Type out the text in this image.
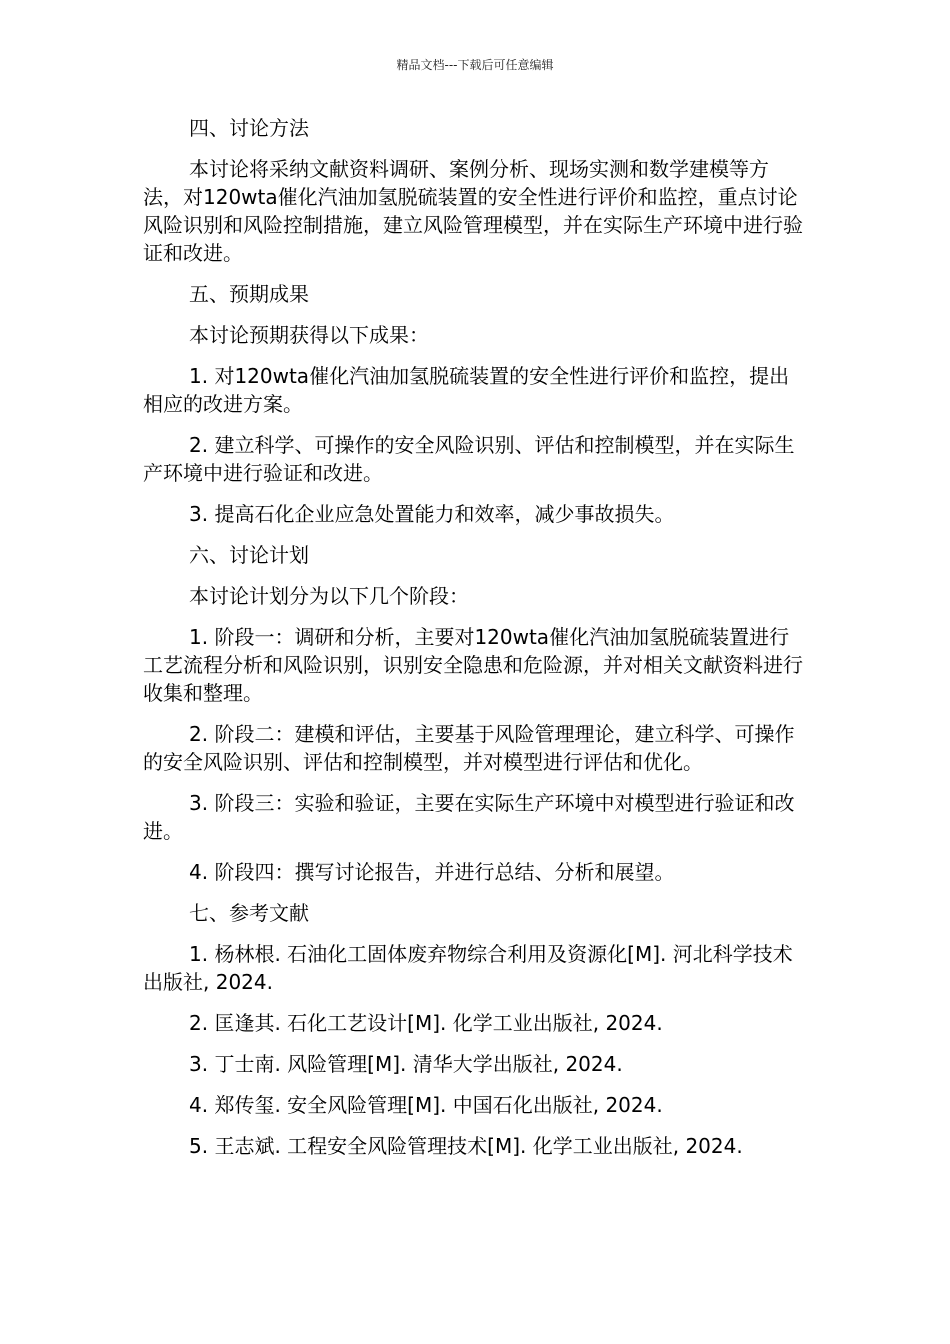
精品文档---下载后可任意编辑

四、讨论方法

本讨论将采纳文献资料调研、案例分析、现场实测和数学建模等方法，对120wta催化汽油加氢脱硫装置的安全性进行评价和监控，重点讨论风险识别和风险控制措施，建立风险管理模型，并在实际生产环境中进行验证和改进。

五、预期成果

本讨论预期获得以下成果：

1. 对120wta催化汽油加氢脱硫装置的安全性进行评价和监控，提出相应的改进方案。

2. 建立科学、可操作的安全风险识别、评估和控制模型，并在实际生产环境中进行验证和改进。

3. 提高石化企业应急处置能力和效率，减少事故损失。

六、讨论计划

本讨论计划分为以下几个阶段：

1. 阶段一：调研和分析，主要对120wta催化汽油加氢脱硫装置进行工艺流程分析和风险识别，识别安全隐患和危险源，并对相关文献资料进行收集和整理。

2. 阶段二：建模和评估，主要基于风险管理理论，建立科学、可操作的安全风险识别、评估和控制模型，并对模型进行评估和优化。

3. 阶段三：实验和验证，主要在实际生产环境中对模型进行验证和改进。

4. 阶段四：撰写讨论报告，并进行总结、分析和展望。

七、参考文献

1. 杨林根. 石油化工固体废弃物综合利用及资源化[M]. 河北科学技术出版社, 2024.

2. 匡逢其. 石化工艺设计[M]. 化学工业出版社, 2024.

3. 丁士南. 风险管理[M]. 清华大学出版社, 2024.

4. 郑传玺. 安全风险管理[M]. 中国石化出版社, 2024.

5. 王志斌. 工程安全风险管理技术[M]. 化学工业出版社, 2024.
